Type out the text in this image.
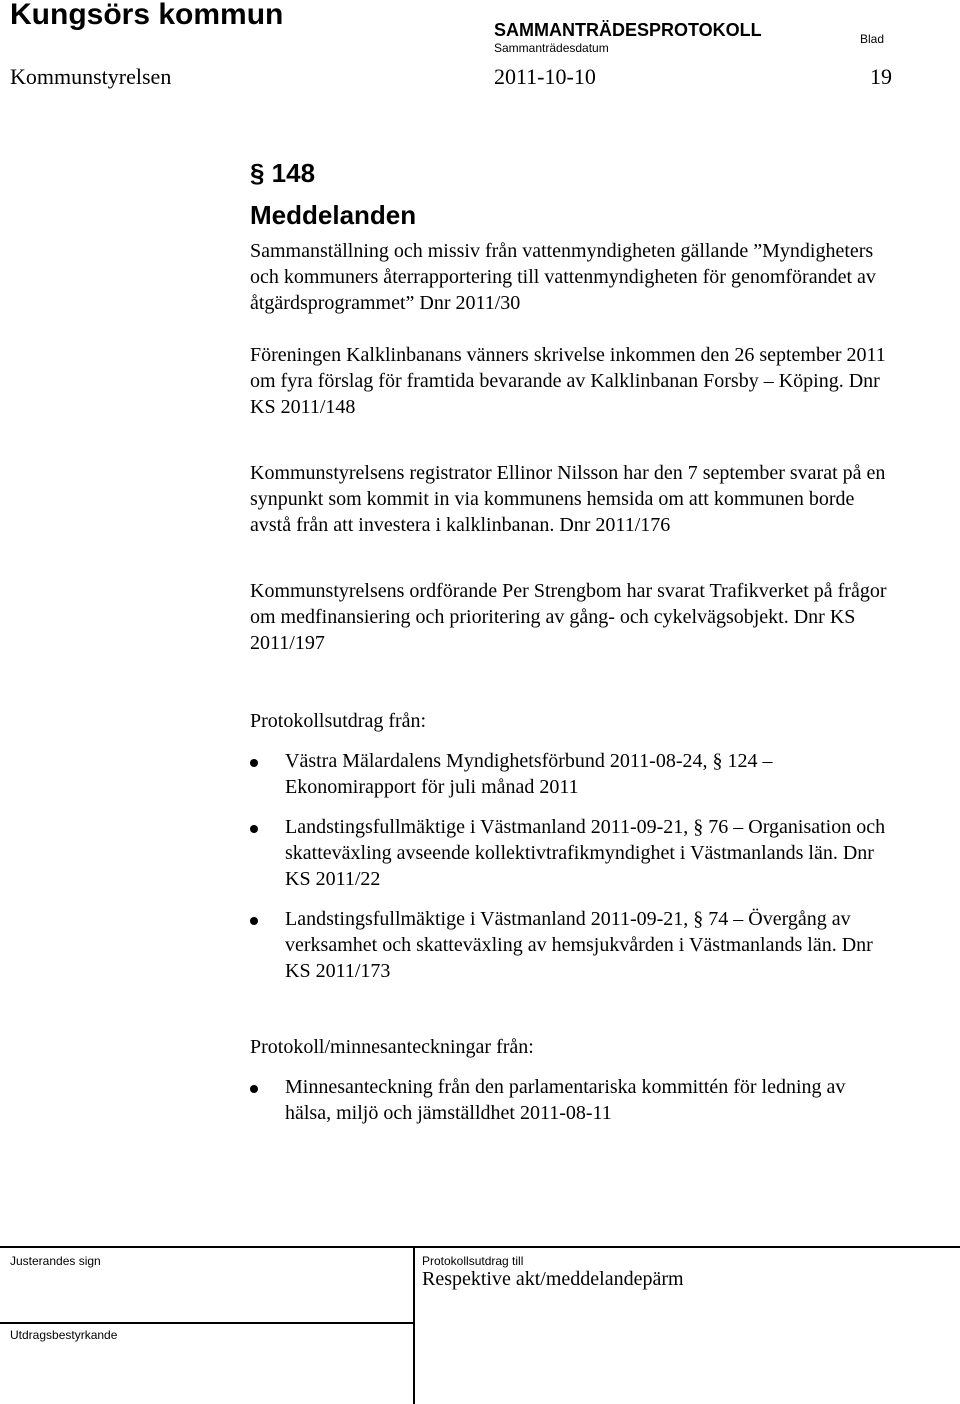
Kungsörs kommun	SAMMANTRÄDESPROTOKOLL
Sammanträdesdatum
Blad
Kommunstyrelsen	2011-10-10	19
§ 148
Meddelanden

Sammanställning och missiv från vattenmyndigheten gällande ”Myndigheters och kommuners återrapportering till vattenmyndigheten för genomförandet av åtgärdsprogrammet” Dnr 2011/30

Föreningen Kalklinbanans vänners skrivelse inkommen den 26 september 2011 om fyra förslag för framtida bevarande av Kalklinbanan Forsby – Köping. Dnr KS 2011/148

Kommunstyrelsens registrator Ellinor Nilsson har den 7 september svarat på en synpunkt som kommit in via kommunens hemsida om att kommunen borde avstå från att investera i kalklinbanan. Dnr 2011/176

Kommunstyrelsens ordförande Per Strengbom har svarat Trafikverket på frågor om medfinansiering och prioritering av gång- och cykelvägsobjekt. Dnr KS 2011/197

Protokollsutdrag från:

Västra Mälardalens Myndighetsförbund 2011-08-24, § 124 – Ekonomirapport för juli månad 2011
Landstingsfullmäktige i Västmanland 2011-09-21, § 76 – Organisation och skatteväxling avseende kollektivtrafikmyndighet i Västmanlands län. Dnr KS 2011/22
Landstingsfullmäktige i Västmanland 2011-09-21, § 74 – Övergång av verksamhet och skatteväxling av hemsjukvården i Västmanlands län. Dnr KS 2011/173

Protokoll/minnesanteckningar från:

Minnesanteckning från den parlamentariska kommittén för ledning av hälsa, miljö och jämställdhet 2011-08-11
Justerandes sign	Protokollsutdrag till
Respektive akt/meddelandepärm
Utdragsbestyrkande
